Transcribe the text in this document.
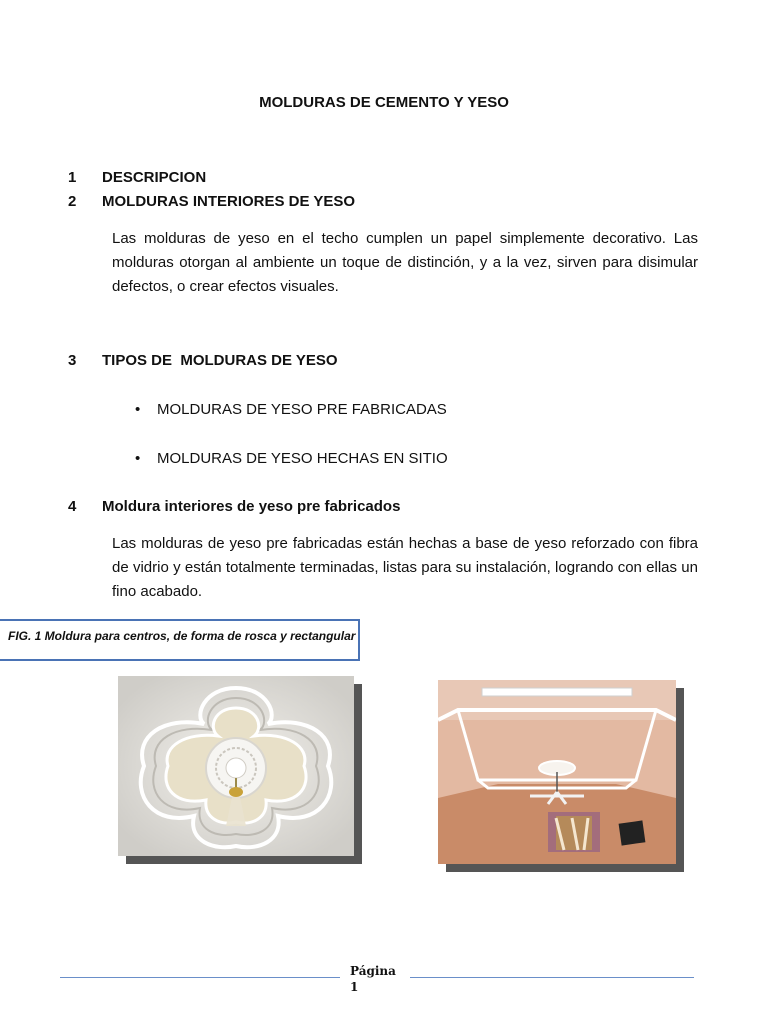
MOLDURAS DE CEMENTO Y YESO
1 DESCRIPCION
2 MOLDURAS INTERIORES DE YESO
Las molduras de yeso en el techo cumplen un papel simplemente decorativo. Las molduras otorgan al ambiente un toque de distinción, y a la vez, sirven para disimular defectos, o crear efectos visuales.
3 TIPOS DE  MOLDURAS DE YESO
• MOLDURAS DE YESO PRE FABRICADAS
• MOLDURAS DE YESO HECHAS EN SITIO
4 Moldura interiores de yeso pre fabricados
Las molduras de yeso pre fabricadas están hechas a base de yeso reforzado con fibra de vidrio y están totalmente terminadas, listas para su instalación, logrando con ellas un fino acabado.
FIG. 1 Moldura para centros, de forma de rosca y rectangular
Página
1
